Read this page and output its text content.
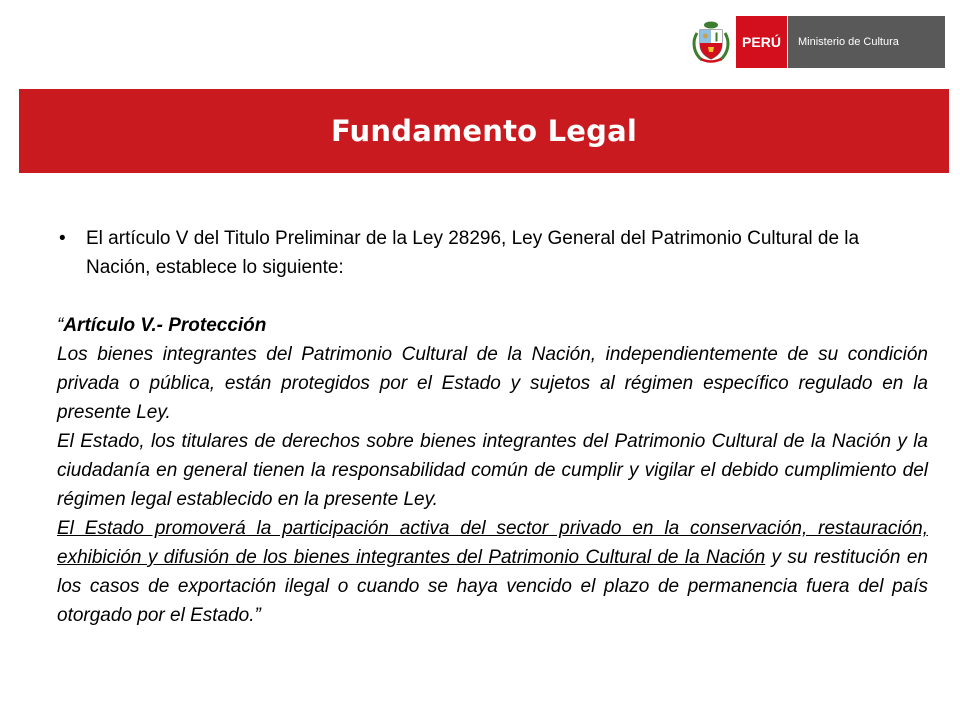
PERÚ	Ministerio de Cultura
Fundamento Legal

• El artículo V del Titulo Preliminar de la Ley 28296, Ley General del Patrimonio Cultural de la Nación, establece lo siguiente:

“Artículo V.- Protección

Los bienes integrantes del Patrimonio Cultural de la Nación, independientemente de su condición privada o pública, están protegidos por el Estado y sujetos al régimen específico regulado en la presente Ley.

El Estado, los titulares de derechos sobre bienes integrantes del Patrimonio Cultural de la Nación y la ciudadanía en general tienen la responsabilidad común de cumplir y vigilar el debido cumplimiento del régimen legal establecido en la presente Ley.

El Estado promoverá la participación activa del sector privado en la conservación, restauración, exhibición y difusión de los bienes integrantes del Patrimonio Cultural de la Nación y su restitución en los casos de exportación ilegal o cuando se haya vencido el plazo de permanencia fuera del país otorgado por el Estado.”
